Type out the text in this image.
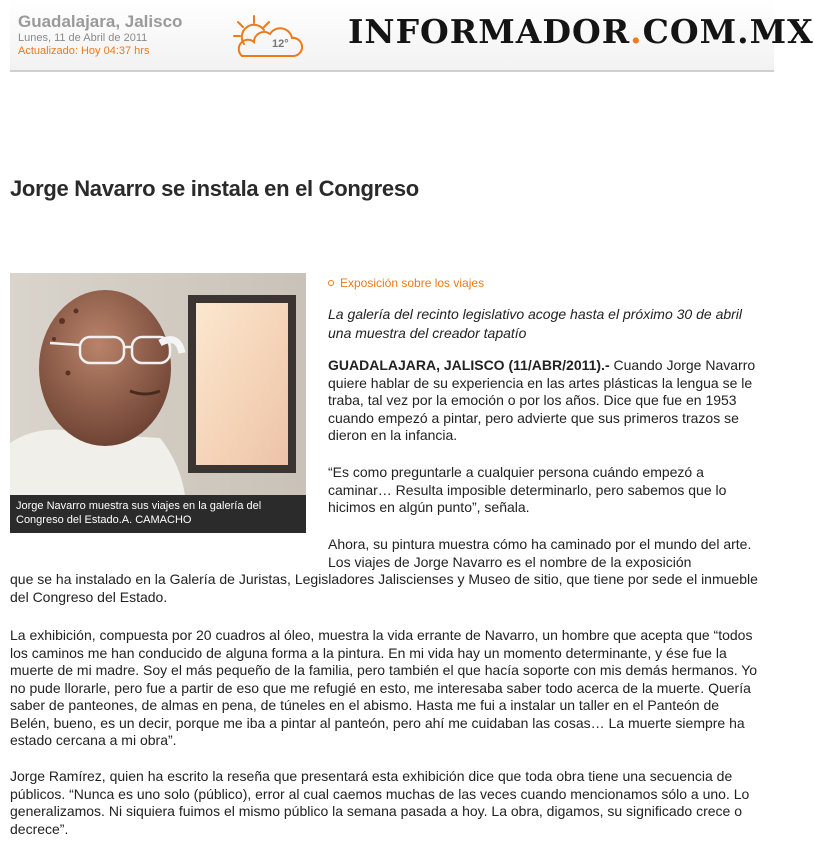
Guadalajara, Jalisco
Lunes, 11 de Abril de 2011
Actualizado: Hoy 04:37 hrs
12° INFORMADOR.COM.MX
Jorge Navarro se instala en el Congreso
Jorge Navarro muestra sus viajes en la galería del Congreso del Estado.A. CAMACHO
Exposición sobre los viajes
La galería del recinto legislativo acoge hasta el próximo 30 de abril una muestra del creador tapatío
GUADALAJARA, JALISCO (11/ABR/2011).- Cuando Jorge Navarro quiere hablar de su experiencia en las artes plásticas la lengua se le traba, tal vez por la emoción o por los años. Dice que fue en 1953 cuando empezó a pintar, pero advierte que sus primeros trazos se dieron en la infancia.
“Es como preguntarle a cualquier persona cuándo empezó a caminar… Resulta imposible determinarlo, pero sabemos que lo hicimos en algún punto”, señala.
Ahora, su pintura muestra cómo ha caminado por el mundo del arte. Los viajes de Jorge Navarro es el nombre de la exposición
que se ha instalado en la Galería de Juristas, Legisladores Jaliscienses y Museo de sitio, que tiene por sede el inmueble del Congreso del Estado.
La exhibición, compuesta por 20 cuadros al óleo, muestra la vida errante de Navarro, un hombre que acepta que “todos los caminos me han conducido de alguna forma a la pintura. En mi vida hay un momento determinante, y ése fue la muerte de mi madre. Soy el más pequeño de la familia, pero también el que hacía soporte con mis demás hermanos. Yo no pude llorarle, pero fue a partir de eso que me refugié en esto, me interesaba saber todo acerca de la muerte. Quería saber de panteones, de almas en pena, de túneles en el abismo. Hasta me fui a instalar un taller en el Panteón de Belén, bueno, es un decir, porque me iba a pintar al panteón, pero ahí me cuidaban las cosas… La muerte siempre ha estado cercana a mi obra”.
Jorge Ramírez, quien ha escrito la reseña que presentará esta exhibición dice que toda obra tiene una secuencia de públicos. “Nunca es uno solo (público), error al cual caemos muchas de las veces cuando mencionamos sólo a uno. Lo generalizamos. Ni siquiera fuimos el mismo público la semana pasada a hoy. La obra, digamos, su significado crece o decrece”.
